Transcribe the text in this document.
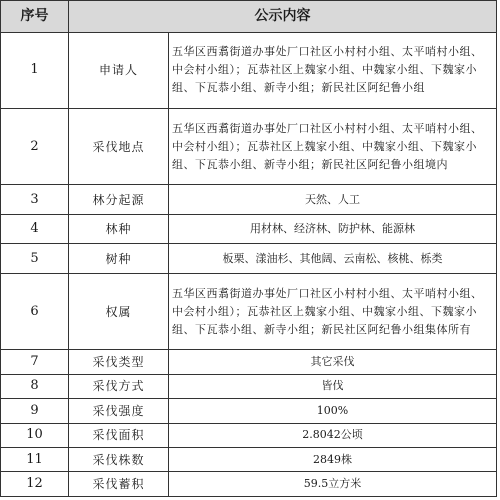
序号	公示内容	
1	申请人	五华区西翥街道办事处厂口社区小村村小组、太平哨村小组、中会村小组）；瓦恭社区上魏家小组、中魏家小组、下魏家小组、下瓦恭小组、新寺小组；新民社区阿纪鲁小组
2	采伐地点	五华区西翥街道办事处厂口社区小村村小组、太平哨村小组、中会村小组）；瓦恭社区上魏家小组、中魏家小组、下魏家小组、下瓦恭小组、新寺小组；新民社区阿纪鲁小组境内
3	林分起源	天然、人工
4	林种	用材林、经济林、防护林、能源林
5	树种	板栗、漾油杉、其他阔、云南松、核桃、栎类
6	权属	五华区西翥街道办事处厂口社区小村村小组、太平哨村小组、中会村小组）；瓦恭社区上魏家小组、中魏家小组、下魏家小组、下瓦恭小组、新寺小组；新民社区阿纪鲁小组集体所有
7	采伐类型	其它采伐
8	采伐方式	皆伐
9	采伐强度	100%
10	采伐面积	2.8042公顷
11	采伐株数	2849株
12	采伐蓄积	59.5立方米
